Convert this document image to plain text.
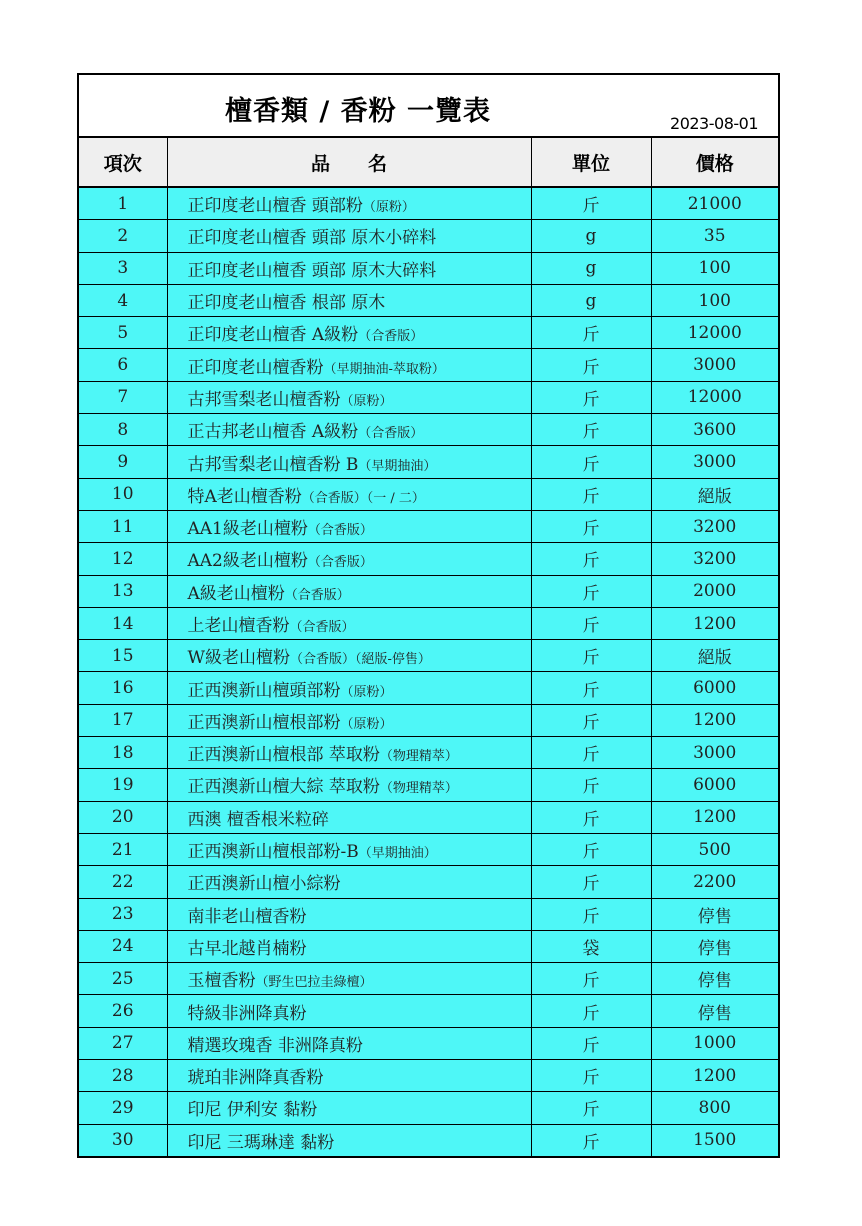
檀香類 / 香粉 一覽表	2023-08-01
項次	品　　名	單位	價格
1	正印度老山檀香 頭部粉（原粉）	斤	21000
2	正印度老山檀香 頭部 原木小碎料	g	35
3	正印度老山檀香 頭部 原木大碎料	g	100
4	正印度老山檀香 根部 原木	g	100
5	正印度老山檀香 A級粉（合香版）	斤	12000
6	正印度老山檀香粉（早期抽油-萃取粉）	斤	3000
7	古邦雪梨老山檀香粉（原粉）	斤	12000
8	正古邦老山檀香 A級粉（合香版）	斤	3600
9	古邦雪梨老山檀香粉 B（早期抽油）	斤	3000
10	特A老山檀香粉（合香版）（一 / 二）	斤	絕版
11	AA1級老山檀粉（合香版）	斤	3200
12	AA2級老山檀粉（合香版）	斤	3200
13	A級老山檀粉（合香版）	斤	2000
14	上老山檀香粉（合香版）	斤	1200
15	W級老山檀粉（合香版）（絕版-停售）	斤	絕版
16	正西澳新山檀頭部粉（原粉）	斤	6000
17	正西澳新山檀根部粉（原粉）	斤	1200
18	正西澳新山檀根部 萃取粉（物理精萃）	斤	3000
19	正西澳新山檀大綜 萃取粉（物理精萃）	斤	6000
20	西澳 檀香根米粒碎	斤	1200
21	正西澳新山檀根部粉-B（早期抽油）	斤	500
22	正西澳新山檀小綜粉	斤	2200
23	南非老山檀香粉	斤	停售
24	古早北越肖楠粉	袋	停售
25	玉檀香粉（野生巴拉圭綠檀）	斤	停售
26	特級非洲降真粉	斤	停售
27	精選玫瑰香 非洲降真粉	斤	1000
28	琥珀非洲降真香粉	斤	1200
29	印尼 伊利安 黏粉	斤	800
30	印尼 三瑪琳達 黏粉	斤	1500
